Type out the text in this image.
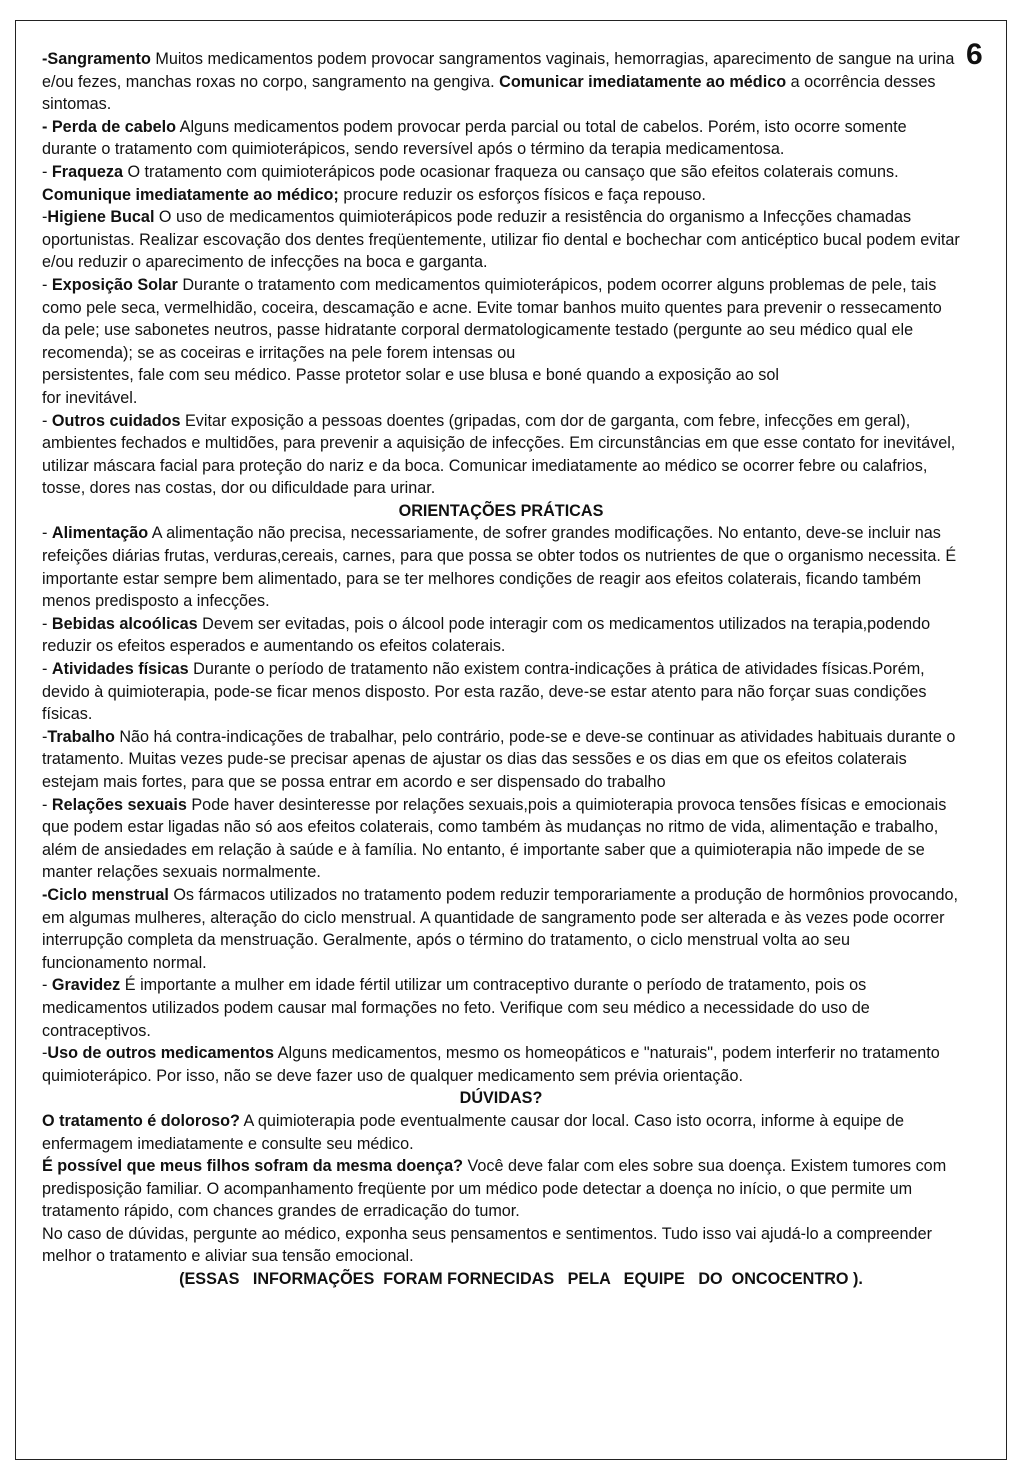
6

-Sangramento Muitos medicamentos podem provocar sangramentos vaginais, hemorragias, aparecimento de sangue na urina e/ou fezes, manchas roxas no corpo, sangramento na gengiva. Comunicar imediatamente ao médico a ocorrência desses sintomas.

- Perda de cabelo Alguns medicamentos podem provocar perda parcial ou total de cabelos. Porém, isto ocorre somente durante o tratamento com quimioterápicos, sendo reversível após o término da terapia medicamentosa.

- Fraqueza O tratamento com quimioterápicos pode ocasionar fraqueza ou cansaço que são efeitos colaterais comuns. Comunique imediatamente ao médico; procure reduzir os esforços físicos e faça repouso.

-Higiene Bucal O uso de medicamentos quimioterápicos pode reduzir a resistência do organismo a Infecções chamadas oportunistas. Realizar escovação dos dentes freqüentemente, utilizar fio dental e bochechar com anticéptico bucal podem evitar e/ou reduzir o aparecimento de infecções na boca e garganta.

- Exposição Solar Durante o tratamento com medicamentos quimioterápicos, podem ocorrer alguns problemas de pele, tais como pele seca, vermelhidão, coceira, descamação e acne. Evite tomar banhos muito quentes para prevenir o ressecamento da pele; use sabonetes neutros, passe hidratante corporal dermatologicamente testado (pergunte ao seu médico qual ele recomenda); se as coceiras e irritações na pele forem intensas ou

persistentes, fale com seu médico. Passe protetor solar e use blusa e boné quando a exposição ao sol

for inevitável.

- Outros cuidados Evitar exposição a pessoas doentes (gripadas, com dor de garganta, com febre, infecções em geral),

ambientes fechados e multidões, para prevenir a aquisição de infecções. Em circunstâncias em que esse contato for inevitável, utilizar máscara facial para proteção do nariz e da boca. Comunicar imediatamente ao médico se ocorrer febre ou calafrios, tosse, dores nas costas, dor ou dificuldade para urinar.

ORIENTAÇÕES PRÁTICAS

- Alimentação A alimentação não precisa, necessariamente, de sofrer grandes modificações. No entanto, deve-se incluir nas refeições diárias frutas, verduras,cereais, carnes, para que possa se obter todos os nutrientes de que o organismo necessita. É importante estar sempre bem alimentado, para se ter melhores condições de reagir aos efeitos colaterais, ficando também menos predisposto a infecções.

- Bebidas alcoólicas Devem ser evitadas, pois o álcool pode interagir com os medicamentos utilizados na terapia,podendo reduzir os efeitos esperados e aumentando os efeitos colaterais.

- Atividades físicas Durante o período de tratamento não existem contra-indicações à prática de atividades físicas.Porém, devido à quimioterapia, pode-se ficar menos disposto. Por esta razão, deve-se estar atento para não forçar suas condições físicas.

-Trabalho Não há contra-indicações de trabalhar, pelo contrário, pode-se e deve-se continuar as atividades habituais durante o tratamento. Muitas vezes pude-se precisar apenas de ajustar os dias das sessões e os dias em que os efeitos colaterais estejam mais fortes, para que se possa entrar em acordo e ser dispensado do trabalho

- Relações sexuais Pode haver desinteresse por relações sexuais,pois a quimioterapia provoca tensões físicas e emocionais que podem estar ligadas não só aos efeitos colaterais, como também às mudanças no ritmo de vida, alimentação e trabalho, além de ansiedades em relação à saúde e à família. No entanto, é importante saber que a quimioterapia não impede de se manter relações sexuais normalmente.

-Ciclo menstrual Os fármacos utilizados no tratamento podem reduzir temporariamente a produção de hormônios provocando, em algumas mulheres, alteração do ciclo menstrual. A quantidade de sangramento pode ser alterada e às vezes pode ocorrer interrupção completa da menstruação. Geralmente, após o término do tratamento, o ciclo menstrual volta ao seu funcionamento normal.

- Gravidez É importante a mulher em idade fértil utilizar um contraceptivo durante o período de tratamento, pois os medicamentos utilizados podem causar mal formações no feto. Verifique com seu médico a necessidade do uso de contraceptivos.

-Uso de outros medicamentos Alguns medicamentos, mesmo os homeopáticos e "naturais", podem interferir no tratamento quimioterápico. Por isso, não se deve fazer uso de qualquer medicamento sem prévia orientação.

DÚVIDAS?

O tratamento é doloroso? A quimioterapia pode eventualmente causar dor local. Caso isto ocorra, informe à equipe de enfermagem imediatamente e consulte seu médico.

É possível que meus filhos sofram da mesma doença? Você deve falar com eles sobre sua doença. Existem tumores com predisposição familiar. O acompanhamento freqüente por um médico pode detectar a doença no início, o que permite um tratamento rápido, com chances grandes de erradicação do tumor.

No caso de dúvidas, pergunte ao médico, exponha seus pensamentos e sentimentos. Tudo isso vai ajudá-lo a compreender melhor o tratamento e aliviar sua tensão emocional.

(ESSAS   INFORMAÇÕES  FORAM FORNECIDAS   PELA   EQUIPE   DO  ONCOCENTRO ).
